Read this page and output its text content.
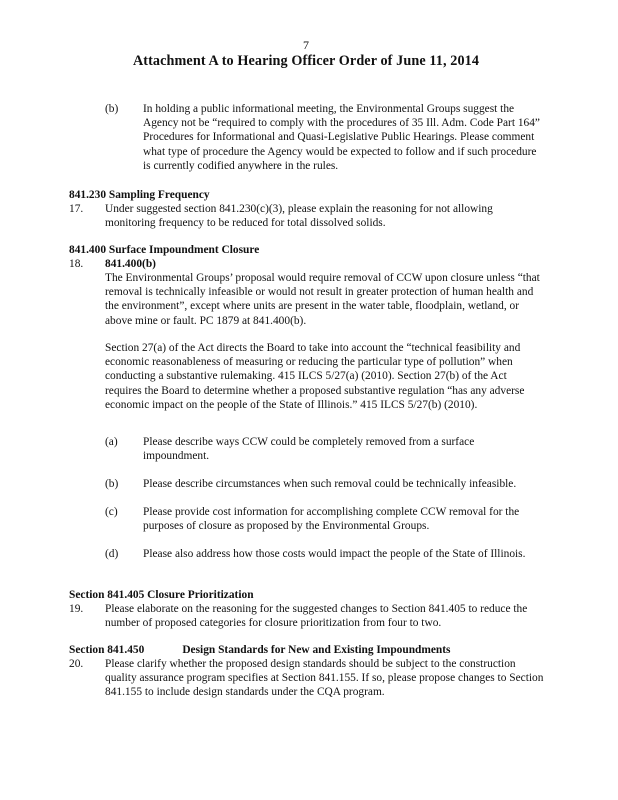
7
Attachment A to Hearing Officer Order of June 11, 2014
(b) In holding a public informational meeting, the Environmental Groups suggest the Agency not be “required to comply with the procedures of 35 Ill. Adm. Code Part 164” Procedures for Informational and Quasi-Legislative Public Hearings. Please comment what type of procedure the Agency would be expected to follow and if such procedure is currently codified anywhere in the rules.

841.230 Sampling Frequency
17. Under suggested section 841.230(c)(3), please explain the reasoning for not allowing monitoring frequency to be reduced for total dissolved solids.

841.400 Surface Impoundment Closure
18. 841.400(b)

The Environmental Groups’ proposal would require removal of CCW upon closure unless “that removal is technically infeasible or would not result in greater protection of human health and the environment”, except where units are present in the water table, floodplain, wetland, or above mine or fault. PC 1879 at 841.400(b).

Section 27(a) of the Act directs the Board to take into account the “technical feasibility and economic reasonableness of measuring or reducing the particular type of pollution” when conducting a substantive rulemaking. 415 ILCS 5/27(a) (2010). Section 27(b) of the Act requires the Board to determine whether a proposed substantive regulation “has any adverse economic impact on the people of the State of Illinois.” 415 ILCS 5/27(b) (2010).

(a) Please describe ways CCW could be completely removed from a surface impoundment.

(b) Please describe circumstances when such removal could be technically infeasible.

(c) Please provide cost information for accomplishing complete CCW removal for the purposes of closure as proposed by the Environmental Groups.

(d) Please also address how those costs would impact the people of the State of Illinois.

Section 841.405 Closure Prioritization
19. Please elaborate on the reasoning for the suggested changes to Section 841.405 to reduce the number of proposed categories for closure prioritization from four to two.

Section 841.450	Design Standards for New and Existing Impoundments
20. Please clarify whether the proposed design standards should be subject to the construction quality assurance program specifies at Section 841.155. If so, please propose changes to Section 841.155 to include design standards under the CQA program.
